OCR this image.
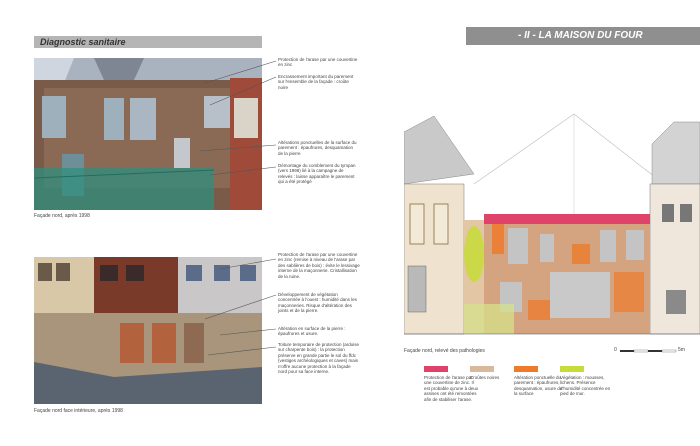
Diagnostic sanitaire
Façade nord, après 1998
Protection de l'arase par une couvertine en zinc
Encrassement important du parement sur l'ensemble de la façade : croûte noire
Altérations ponctuelles de la surface du parement : épaufrures, desquamation de la pierre
Démontage du comblement du tympan (vers 1998) lié à la campagne de relevés : laisse apparaître le parement qui a été protégé
Façade nord face intérieure, après 1998
Protection de l'arase par une couvertine en zinc (remise à niveau de l'arase par des sablières de bois) : évite le lessivage interne de la maçonnerie. Cristallisation de la ruine.
Développement de végétation concentrée à l'ouest : humidité dans les maçonneries. Risque d'altération des joints et de la pierre.
Altération en surface de la pierre : épaufrures et usure.
Toiture temporaire de protection (ardoise sur charpente bois) : la protection préserve en grande partie le sol du ffdc (vestiges archéologiques et caves) mais n'offre aucune protection à la façade nord pour sa face interne.
- II - LA MAISON DU FOUR
Façade nord, relevé des pathologies	0	5m
Protection de l'arase par une couvertine de zinc. Il est probable qu'une à deux assises ont été remontées afin de stabiliser l'arase.
Croûtes noires	Altération ponctuelle du parement : épaufrures, desquamation, usure de la surface
Végétation : mousses, lichens. Présence d'humidité concentrée en pied de mur.
